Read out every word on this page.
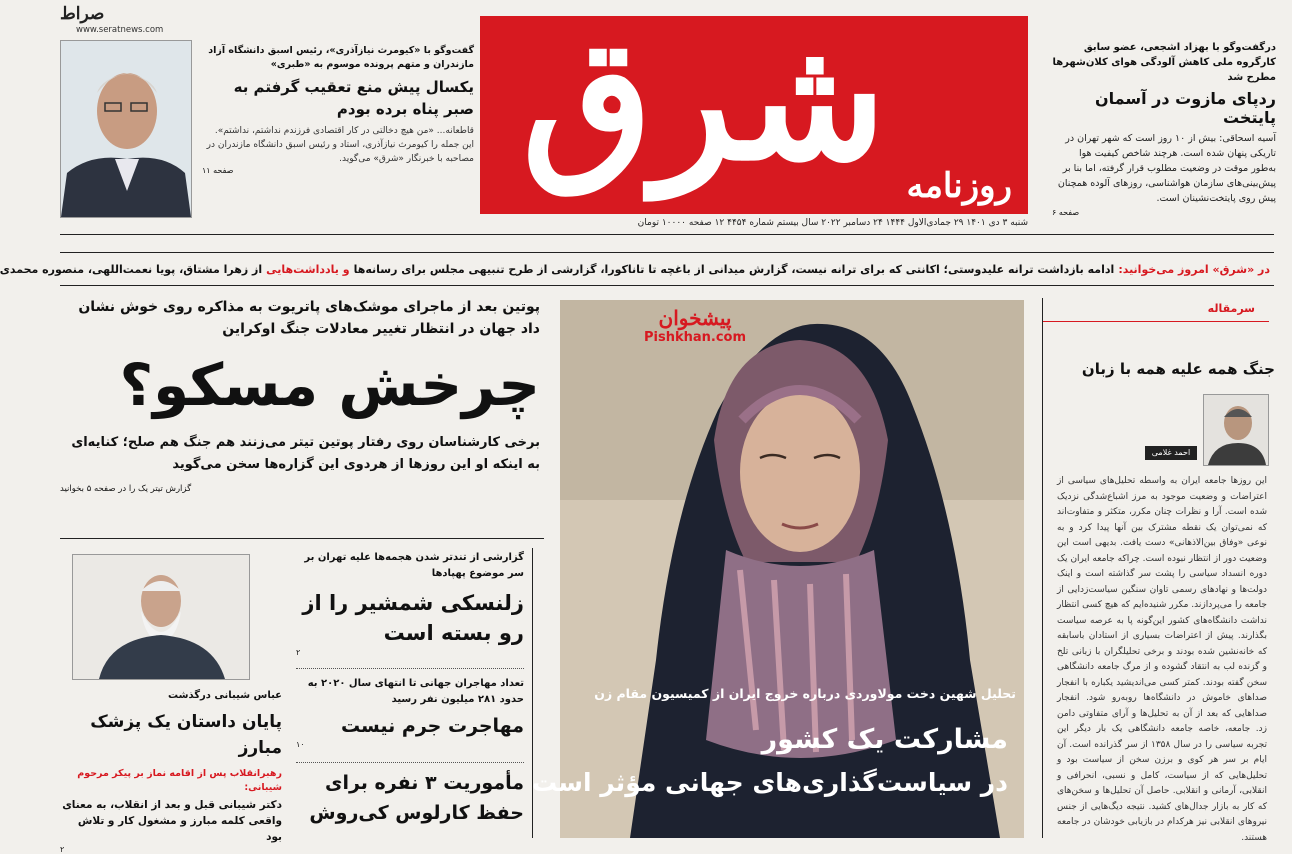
صراط
www.seratnews.com شرق روزنامه
شنبه ۳ دی ۱۴۰۱ ۲۹ جمادی‌الاول ۱۴۴۴ ۲۴ دسامبر ۲۰۲۲ سال بیستم شماره ۴۴۵۴ ۱۲ صفحه ۱۰۰۰۰ تومان
درگفت‌وگو با بهزاد اشجعی، عضو سابق کارگروه ملی کاهش آلودگی هوای کلان‌شهرها مطرح شد
ردپای مازوت در آسمان پایتخت
آسیه اسحاقی: بیش از ۱۰ روز است که شهر تهران در تاریکی پنهان شده است. هرچند شاخص کیفیت هوا به‌طور موقت در وضعیت مطلوب قرار گرفته، اما بنا بر پیش‌بینی‌های سازمان هواشناسی، روزهای آلوده همچنان پیش روی پایتخت‌نشینان است.
صفحه ۶
گفت‌وگو با «کیومرث نیازآذری»، رئیس اسبق دانشگاه آزاد مازندران و متهم پرونده موسوم به «طبری»
یکسال پیش منع تعقیب گرفتم به صبر پناه برده بودم
قاطعانه... «من هیچ دخالتی در کار اقتصادی فرزندم نداشتم، نداشتم». این جمله را کیومرث نیازآذری، استاد و رئیس اسبق دانشگاه مازندران در مصاحبه با خبرنگار «شرق» می‌گوید.
صفحه ۱۱
در «شرق» امروز می‌خوانید:
ادامه بازداشت ترانه علیدوستی؛ اکانتی که برای ترانه نیست، گزارش میدانی از باغچه تا تاناکورا، گزارشی از طرح تنبیهی مجلس برای رسانه‌ها
و یادداشت‌هایی
از زهرا مشتاق، پویا نعمت‌اللهی، منصوره محمدی
سرمقاله
جنگ همه علیه همه با زبان
احمد غلامی
این روزها جامعه ایران به واسطه تحلیل‌های سیاسی از اعتراضات و وضعیت موجود به مرز اشباع‌شدگی نزدیک شده است. آرا و نظرات چنان مکرر، متکثر و متفاوت‌اند که نمی‌توان یک نقطه مشترک بین آنها پیدا کرد و به نوعی «وفاق بین‌الاذهانی» دست یافت. بدیهی است این وضعیت دور از انتظار نبوده است. چراکه جامعه ایران یک دوره انسداد سیاسی را پشت سر گذاشته است و اینک دولت‌ها و نهادهای رسمی تاوان سنگین سیاست‌زدایی از جامعه را می‌پردازند. مکرر شنیده‌ایم که هیچ کسی انتظار نداشت دانشگاه‌های کشور این‌گونه پا به عرصه سیاست بگذارند. پیش از اعتراضات بسیاری از استادان باسابقه که خانه‌نشین شده بودند و برخی تحلیلگران با زبانی تلخ و گزنده لب به انتقاد گشوده و از مرگ جامعه دانشگاهی سخن گفته بودند. کمتر کسی می‌اندیشید یکباره با انفجار صداهای خاموش در دانشگاه‌ها روبه‌رو شود. انفجار صداهایی که بعد از آن به تحلیل‌ها و آرای متفاوتی دامن زد. جامعه، خاصه جامعه دانشگاهی یک بار دیگر این تجربه سیاسی را در سال ۱۳۵۸ از سر گذرانده است. آن ایام بر سر هر کوی و برزن سخن از سیاست بود و تحلیل‌هایی که از سیاست، کامل و نسبی، انحرافی و انقلابی، آرمانی و انقلابی. حاصل آن تحلیل‌ها و سخن‌های که کار به بازار جدال‌های کشید. نتیجه دیگ‌هایی از جنس نیروهای انقلابی نیز هرکدام در بازیابی خودشان در جامعه هستند.
پوتین بعد از ماجرای موشک‌های پاتریوت به مذاکره روی خوش نشان داد جهان در انتظار تغییر معادلات جنگ اوکراین
چرخش مسکو؟
برخی کارشناسان روی رفتار پوتین تیتر می‌زنند هم جنگ هم صلح؛ کنایه‌ای به اینکه او این روزها از هردوی این گزاره‌ها سخن می‌گوید
گزارش تیتر یک را در صفحه ۵ بخوانید
پیشخوان
Pishkhan.com
تحلیل شهین دخت مولاوردی درباره خروج ایران از کمیسیون مقام زن
مشارکت یک کشور
در سیاست‌گذاری‌های جهانی مؤثر است
گزارشی از تندتر شدن هجمه‌ها علیه تهران بر سر موضوع پهپادها
زلنسکی شمشیر را از رو بسته است
۲
تعداد مهاجران جهانی تا انتهای سال ۲۰۲۰ به حدود ۲۸۱ میلیون نفر رسید
مهاجرت جرم نیست
۱۰
مأموریت ۳ نفره برای حفظ کارلوس کی‌روش
عباس شیبانی درگذشت
پایان داستان یک پزشک مبارز
رهبرانقلاب پس از اقامه نماز بر پیکر مرحوم شیبانی:
دکتر شیبانی قبل و بعد از انقلاب، به معنای واقعی کلمه مبارز و مشغول کار و تلاش بود
۲
